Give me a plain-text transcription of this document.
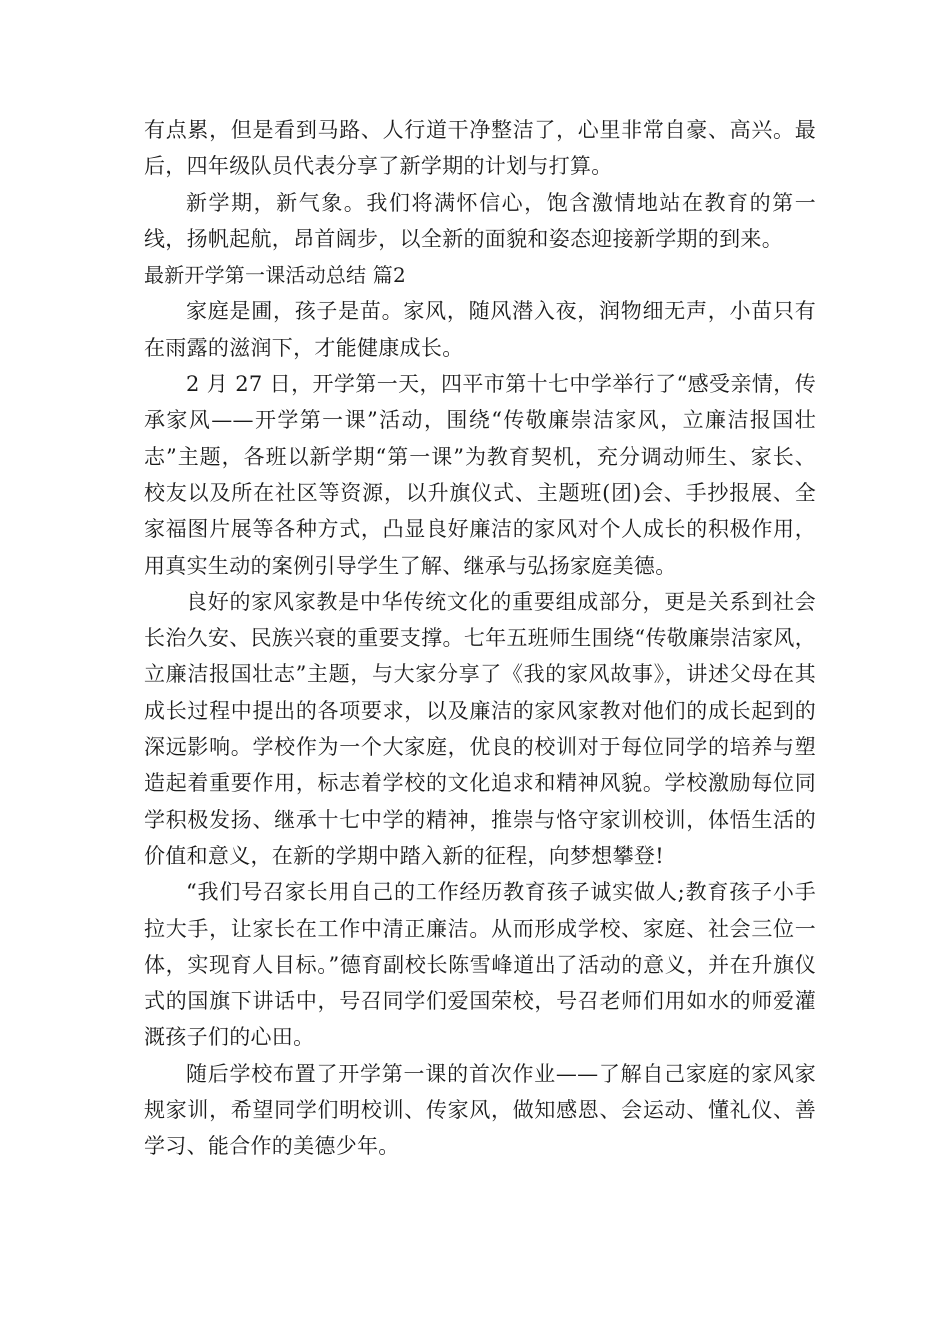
有点累，但是看到马路、人行道干净整洁了，心里非常自豪、高兴。最后，四年级队员代表分享了新学期的计划与打算。

新学期，新气象。我们将满怀信心，饱含激情地站在教育的第一线，扬帆起航，昂首阔步，以全新的面貌和姿态迎接新学期的到来。

最新开学第一课活动总结 篇2

家庭是圃，孩子是苗。家风，随风潜入夜，润物细无声，小苗只有在雨露的滋润下，才能健康成长。

2 月 27 日，开学第一天，四平市第十七中学举行了“感受亲情，传承家风——开学第一课”活动，围绕“传敬廉崇洁家风，立廉洁报国壮志”主题，各班以新学期“第一课”为教育契机，充分调动师生、家长、校友以及所在社区等资源，以升旗仪式、主题班(团)会、手抄报展、全家福图片展等各种方式，凸显良好廉洁的家风对个人成长的积极作用，用真实生动的案例引导学生了解、继承与弘扬家庭美德。

良好的家风家教是中华传统文化的重要组成部分，更是关系到社会长治久安、民族兴衰的重要支撑。七年五班师生围绕“传敬廉崇洁家风，立廉洁报国壮志”主题，与大家分享了《我的家风故事》，讲述父母在其成长过程中提出的各项要求，以及廉洁的家风家教对他们的成长起到的深远影响。学校作为一个大家庭，优良的校训对于每位同学的培养与塑造起着重要作用，标志着学校的文化追求和精神风貌。学校激励每位同学积极发扬、继承十七中学的精神，推崇与恪守家训校训，体悟生活的价值和意义，在新的学期中踏入新的征程，向梦想攀登!

“我们号召家长用自己的工作经历教育孩子诚实做人;教育孩子小手拉大手，让家长在工作中清正廉洁。从而形成学校、家庭、社会三位一体，实现育人目标。”德育副校长陈雪峰道出了活动的意义，并在升旗仪式的国旗下讲话中，号召同学们爱国荣校，号召老师们用如水的师爱灌溉孩子们的心田。

随后学校布置了开学第一课的首次作业——了解自己家庭的家风家规家训，希望同学们明校训、传家风，做知感恩、会运动、懂礼仪、善学习、能合作的美德少年。
